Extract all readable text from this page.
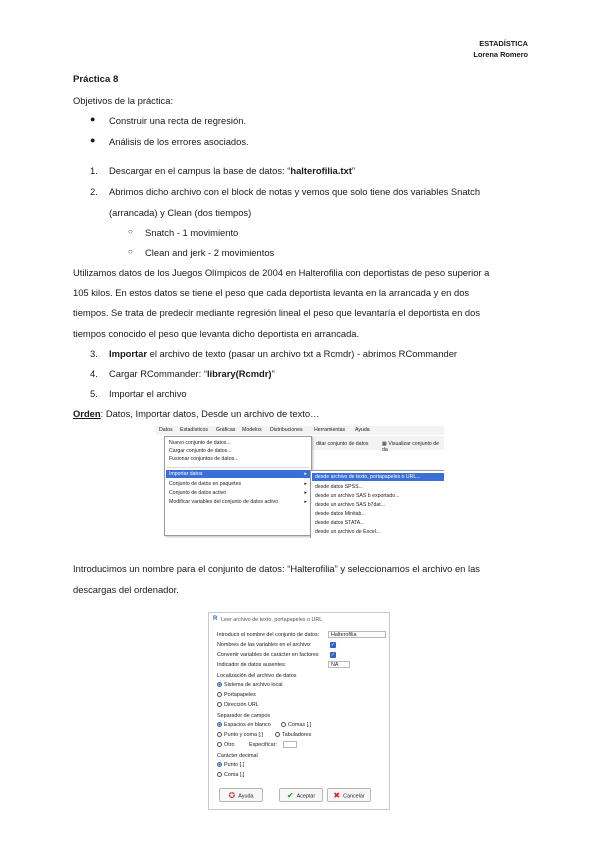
ESTADÍSTICA
Lorena Romero
Práctica 8
Objetivos de la práctica:
● Construir una recta de regresión.
● Análisis de los errores asociados.
1. Descargar en el campus la base de datos: “halterofilia.txt”
2. Abrimos dicho archivo con el block de notas y vemos que solo tiene dos variables Snatch
(arrancada) y Clean (dos tiempos)
○ Snatch - 1 movimiento
○ Clean and jerk - 2 movimientos
Utilizamos datos de los Juegos Olímpicos de 2004 en Halterofilia con deportistas de peso superior a
105 kilos. En estos datos se tiene el peso que cada deportista levanta en la arrancada y en dos
tiempos. Se trata de predecir mediante regresión lineal el peso que levantaría el deportista en dos
tiempos conocido el peso que levanta dicho deportista en arrancada.
3. Importar el archivo de texto (pasar un archivo txt a Rcmdr) - abrimos RCommander
4. Cargar RCommander: “library(Rcmdr)”
5. Importar el archivo
Orden: Datos, Importar datos, Desde un archivo de texto…
Datos Estadísticos Gráficas Modelos Distribuciones Herramientas Ayuda
ditar conjunto de datos	▦ Visualizar conjunto de da
Nuevo conjunto de datos...
Cargar conjunto de datos...
Fusionar conjuntos de datos...
Importar datos	▸
Conjunto de datos en paquetes	▸
Conjunto de datos activo	▸
Modificar variables del conjunto de datos activo	▸
desde archivo de texto, portapapeles o URL...
desde datos SPSS...
desde un archivo SAS b exportado...
desde un archivo SAS b7dat...
desde datos Minitab...
desde datos STATA...
desde un archivo de Excel...
Introducimos un nombre para el conjunto de datos: “Halterofilia” y seleccionamos el archivo en las
descargas del ordenador.
R Leer archivo de texto, portapapeles o URL
Introducir el nombre del conjunto de datos:	Halterofilia
Nombres de las variables en el archivo:	✓
Convertir variables de carácter en factores ✓
Indicador de datos ausentes:	NA
Localización del archivo de datos
Sistema de archivo local
Portapapeles
Dirección URL
Separador de campos
Espacios en blanco	Comas [,]
Punto y coma [;]	Tabuladores
Otro	Especificar:
Carácter decimal
Punto [.]
Coma [,]
✪ Ayuda	✔ Aceptar	✖ Cancelar
